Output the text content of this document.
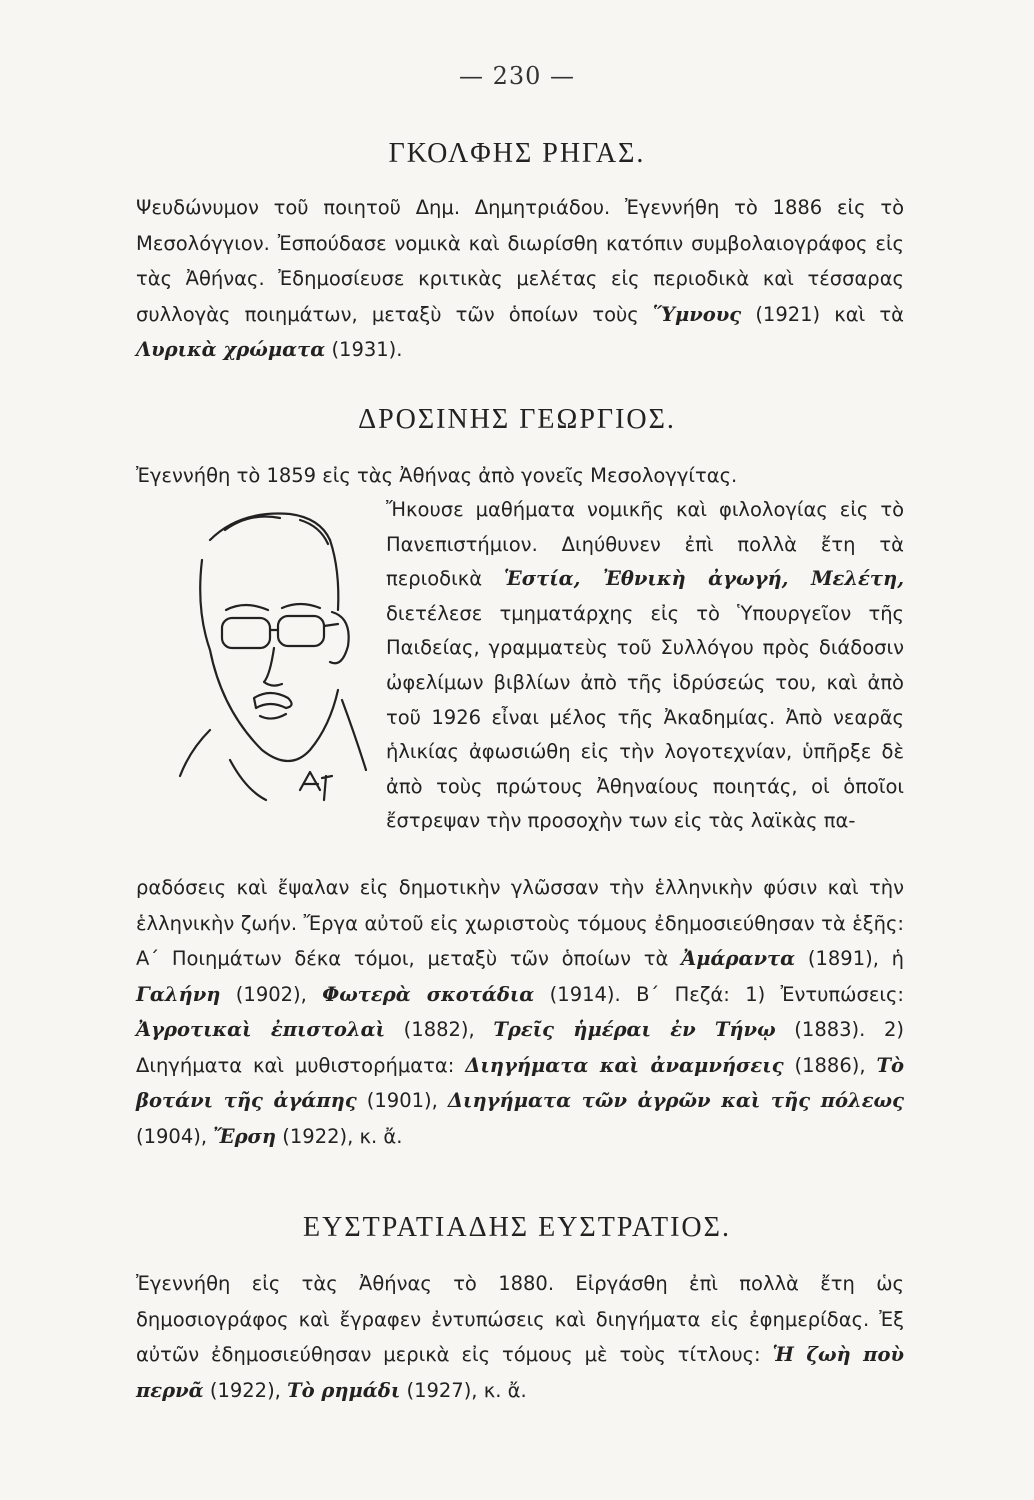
— 230 —
ΓΚΟΛΦΗΣ ΡΗΓΑΣ.

Ψευδώνυμον τοῦ ποιητοῦ Δημ. Δημητριάδου. Ἐγεννήθη τὸ 1886 εἰς τὸ Μεσολόγγιον. Ἐσπούδασε νομικὰ καὶ διωρίσθη κατόπιν συμβολαιογράφος εἰς τὰς Ἀθήνας. Ἐδημοσίευσε κριτικὰς μελέτας εἰς περιοδικὰ καὶ τέσσαρας συλλογὰς ποιημάτων, μεταξὺ τῶν ὁποίων τοὺς Ὕμνους (1921) καὶ τὰ Λυρικὰ χρώματα (1931).

ΔΡΟΣΙΝΗΣ ΓΕΩΡΓΙΟΣ.

Ἐγεννήθη τὸ 1859 εἰς τὰς Ἀθήνας ἀπὸ γονεῖς Μεσολογγίτας.

Ἤκουσε μαθήματα νομικῆς καὶ φιλολογίας εἰς τὸ Πανεπιστήμιον. Διηύθυνεν ἐπὶ πολλὰ ἔτη τὰ περιοδικὰ Ἑστία, Ἐθνικὴ ἀγωγή, Μελέτη, διετέλεσε τμηματάρχης εἰς τὸ Ὑπουργεῖον τῆς Παιδείας, γραμματεὺς τοῦ Συλλόγου πρὸς διάδοσιν ὠφελίμων βιβλίων ἀπὸ τῆς ἱδρύσεώς του, καὶ ἀπὸ τοῦ 1926 εἶναι μέλος τῆς Ἀκαδημίας. Ἀπὸ νεαρᾶς ἡλικίας ἀφωσιώθη εἰς τὴν λογοτεχνίαν, ὑπῆρξε δὲ ἀπὸ τοὺς πρώτους Ἀθηναίους ποιητάς, οἱ ὁποῖοι ἔστρεψαν τὴν προσοχὴν των εἰς τὰς λαϊκὰς πα-

ραδόσεις καὶ ἔψαλαν εἰς δημοτικὴν γλῶσσαν τὴν ἑλληνικὴν φύσιν καὶ τὴν ἑλληνικὴν ζωήν. Ἔργα αὐτοῦ εἰς χωριστοὺς τόμους ἐδημοσιεύθησαν τὰ ἑξῆς: Α΄ Ποιημάτων δέκα τόμοι, μεταξὺ τῶν ὁποίων τὰ Ἀμάραντα (1891), ἡ Γαλήνη (1902), Φωτερὰ σκοτάδια (1914). Β΄ Πεζά: 1) Ἐντυπώσεις: Ἀγροτικαὶ ἐπιστολαὶ (1882), Τρεῖς ἡμέραι ἐν Τήνῳ (1883). 2) Διηγήματα καὶ μυθιστορήματα: Διηγήματα καὶ ἀναμνήσεις (1886), Τὸ βοτάνι τῆς ἀγάπης (1901), Διηγήματα τῶν ἀγρῶν καὶ τῆς πόλεως (1904), Ἔρση (1922), κ. ἄ.

ΕΥΣΤΡΑΤΙΑΔΗΣ ΕΥΣΤΡΑΤΙΟΣ.

Ἐγεννήθη εἰς τὰς Ἀθήνας τὸ 1880. Εἰργάσθη ἐπὶ πολλὰ ἔτη ὡς δημοσιογράφος καὶ ἔγραφεν ἐντυπώσεις καὶ διηγήματα εἰς ἐφημερίδας. Ἐξ αὐτῶν ἐδημοσιεύθησαν μερικὰ εἰς τόμους μὲ τοὺς τίτλους: Ἡ ζωὴ ποὺ περνᾶ (1922), Τὸ ρημάδι (1927), κ. ἄ.
